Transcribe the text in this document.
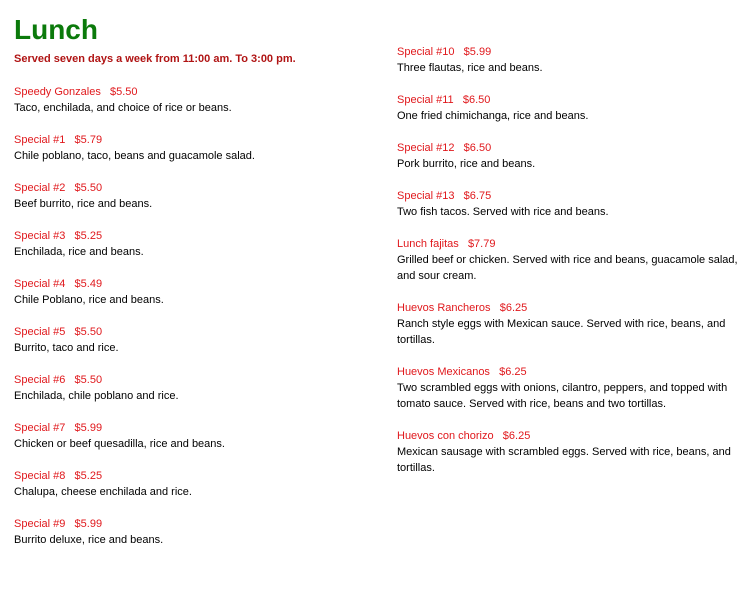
Lunch

Served seven days a week from 11:00 am. To 3:00 pm.

Speedy Gonzales $5.50
Taco, enchilada, and choice of rice or beans.
Special #1 $5.79
Chile poblano, taco, beans and guacamole salad.
Special #2 $5.50
Beef burrito, rice and beans.
Special #3 $5.25
Enchilada, rice and beans.
Special #4 $5.49
Chile Poblano, rice and beans.
Special #5 $5.50
Burrito, taco and rice.
Special #6 $5.50
Enchilada, chile poblano and rice.
Special #7 $5.99
Chicken or beef quesadilla, rice and beans.
Special #8 $5.25
Chalupa, cheese enchilada and rice.
Special #9 $5.99
Burrito deluxe, rice and beans.
Special #10 $5.99
Three flautas, rice and beans.
Special #11 $6.50
One fried chimichanga, rice and beans.
Special #12 $6.50
Pork burrito, rice and beans.
Special #13 $6.75
Two fish tacos. Served with rice and beans.
Lunch fajitas $7.79
Grilled beef or chicken. Served with rice and beans, guacamole salad, and sour cream.
Huevos Rancheros $6.25
Ranch style eggs with Mexican sauce. Served with rice, beans, and tortillas.
Huevos Mexicanos $6.25
Two scrambled eggs with onions, cilantro, peppers, and topped with tomato sauce. Served with rice, beans and two tortillas.
Huevos con chorizo $6.25
Mexican sausage with scrambled eggs. Served with rice, beans, and tortillas.
